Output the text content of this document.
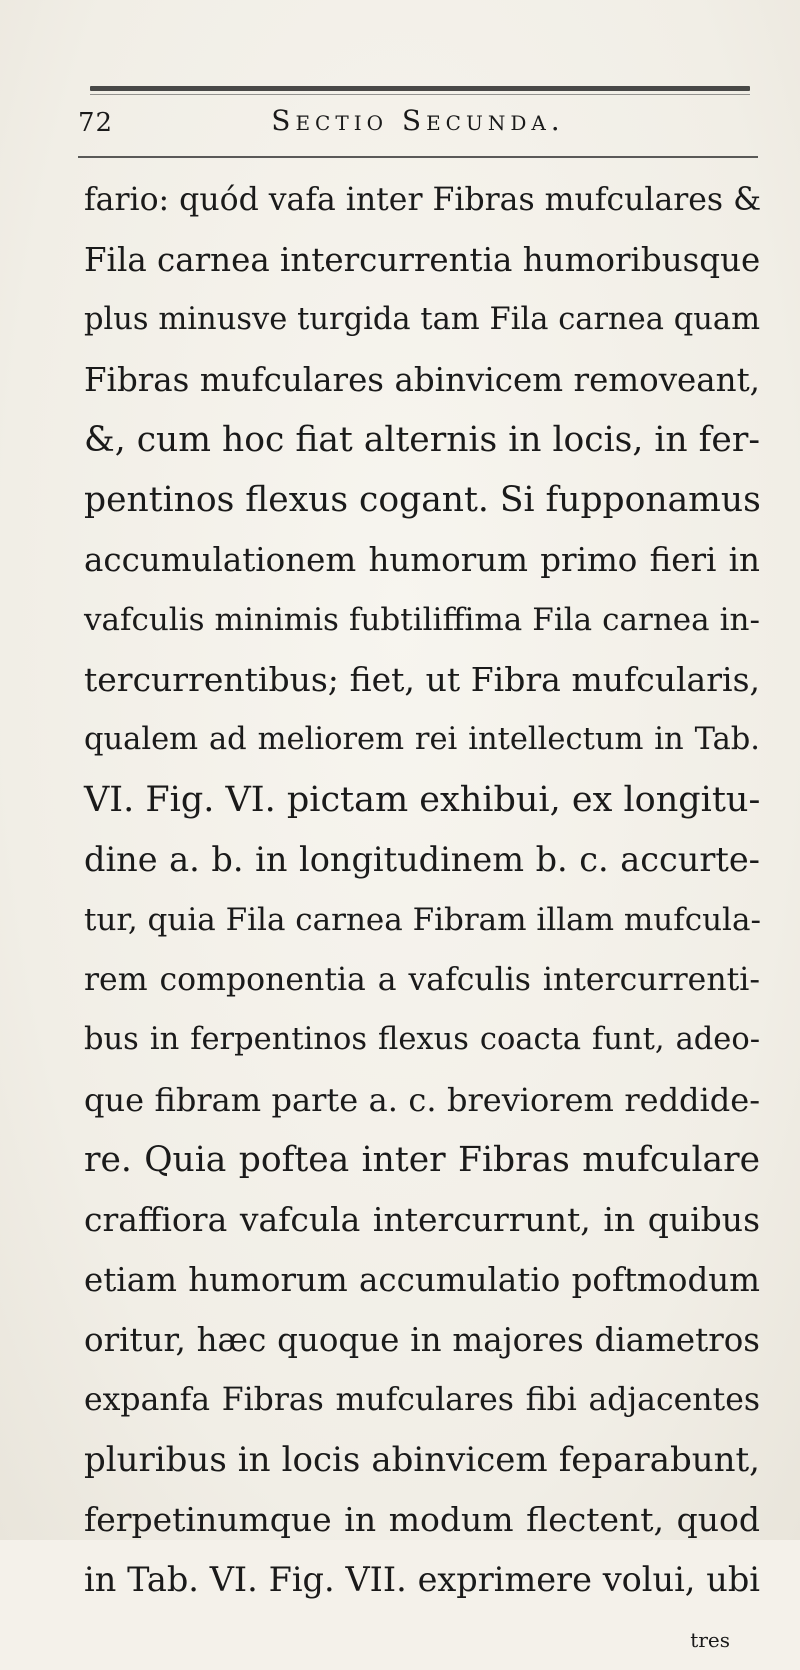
72	Sectio Secunda.
fario: quód vafa inter Fibras mufculares &
Fila carnea intercurrentia humoribusque
plus minusve turgida tam Fila carnea quam
Fibras mufculares abinvicem removeant,
&, cum hoc fiat alternis in locis, in fer-
pentinos flexus cogant. Si fupponamus
accumulationem humorum primo fieri in
vafculis minimis fubtiliffima Fila carnea in-
tercurrentibus; fiet, ut Fibra mufcularis,
qualem ad meliorem rei intellectum in Tab.
VI. Fig. VI. pictam exhibui, ex longitu-
dine a. b. in longitudinem b. c. accurte-
tur, quia Fila carnea Fibram illam mufcula-
rem componentia a vafculis intercurrenti-
bus in ferpentinos flexus coacta funt, adeo-
que fibram parte a. c. breviorem reddide-
re. Quia poftea inter Fibras mufculare
craffiora vafcula intercurrunt, in quibus
etiam humorum accumulatio poftmodum
oritur, hæc quoque in majores diametros
expanfa Fibras mufculares fibi adjacentes
pluribus in locis abinvicem feparabunt,
ferpetinumque in modum flectent, quod
in Tab. VI. Fig. VII. exprimere volui, ubi
tres
